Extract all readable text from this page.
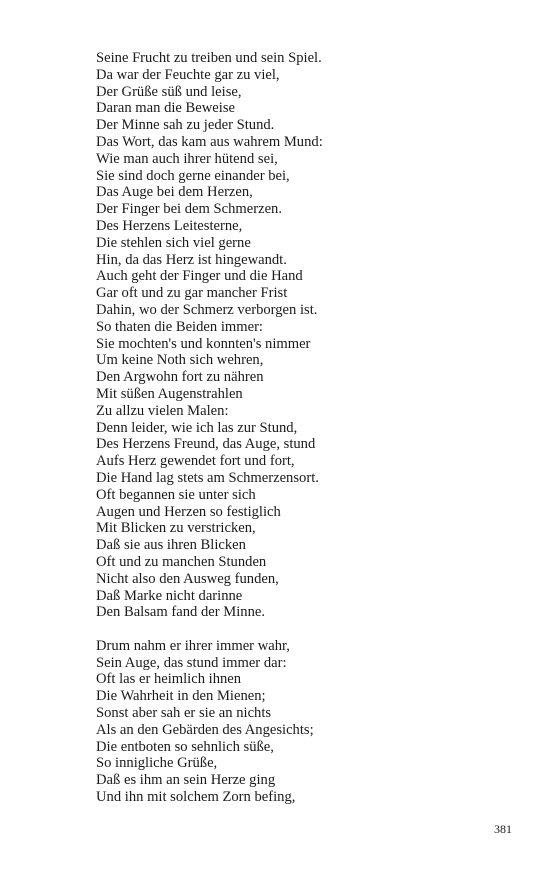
Seine Frucht zu treiben und sein Spiel.
Da war der Feuchte gar zu viel,
Der Grüße süß und leise,
Daran man die Beweise
Der Minne sah zu jeder Stund.
Das Wort, das kam aus wahrem Mund:
Wie man auch ihrer hütend sei,
Sie sind doch gerne einander bei,
Das Auge bei dem Herzen,
Der Finger bei dem Schmerzen.
Des Herzens Leitesterne,
Die stehlen sich viel gerne
Hin, da das Herz ist hingewandt.
Auch geht der Finger und die Hand
Gar oft und zu gar mancher Frist
Dahin, wo der Schmerz verborgen ist.
So thaten die Beiden immer:
Sie mochten's und konnten's nimmer
Um keine Noth sich wehren,
Den Argwohn fort zu nähren
Mit süßen Augenstrahlen
Zu allzu vielen Malen:
Denn leider, wie ich las zur Stund,
Des Herzens Freund, das Auge, stund
Aufs Herz gewendet fort und fort,
Die Hand lag stets am Schmerzensort.
Oft begannen sie unter sich
Augen und Herzen so festiglich
Mit Blicken zu verstricken,
Daß sie aus ihren Blicken
Oft und zu manchen Stunden
Nicht also den Ausweg funden,
Daß Marke nicht darinne
Den Balsam fand der Minne.
Drum nahm er ihrer immer wahr,
Sein Auge, das stund immer dar:
Oft las er heimlich ihnen
Die Wahrheit in den Mienen;
Sonst aber sah er sie an nichts
Als an den Gebärden des Angesichts;
Die entboten so sehnlich süße,
So innigliche Grüße,
Daß es ihm an sein Herze ging
Und ihn mit solchem Zorn befing,
381
